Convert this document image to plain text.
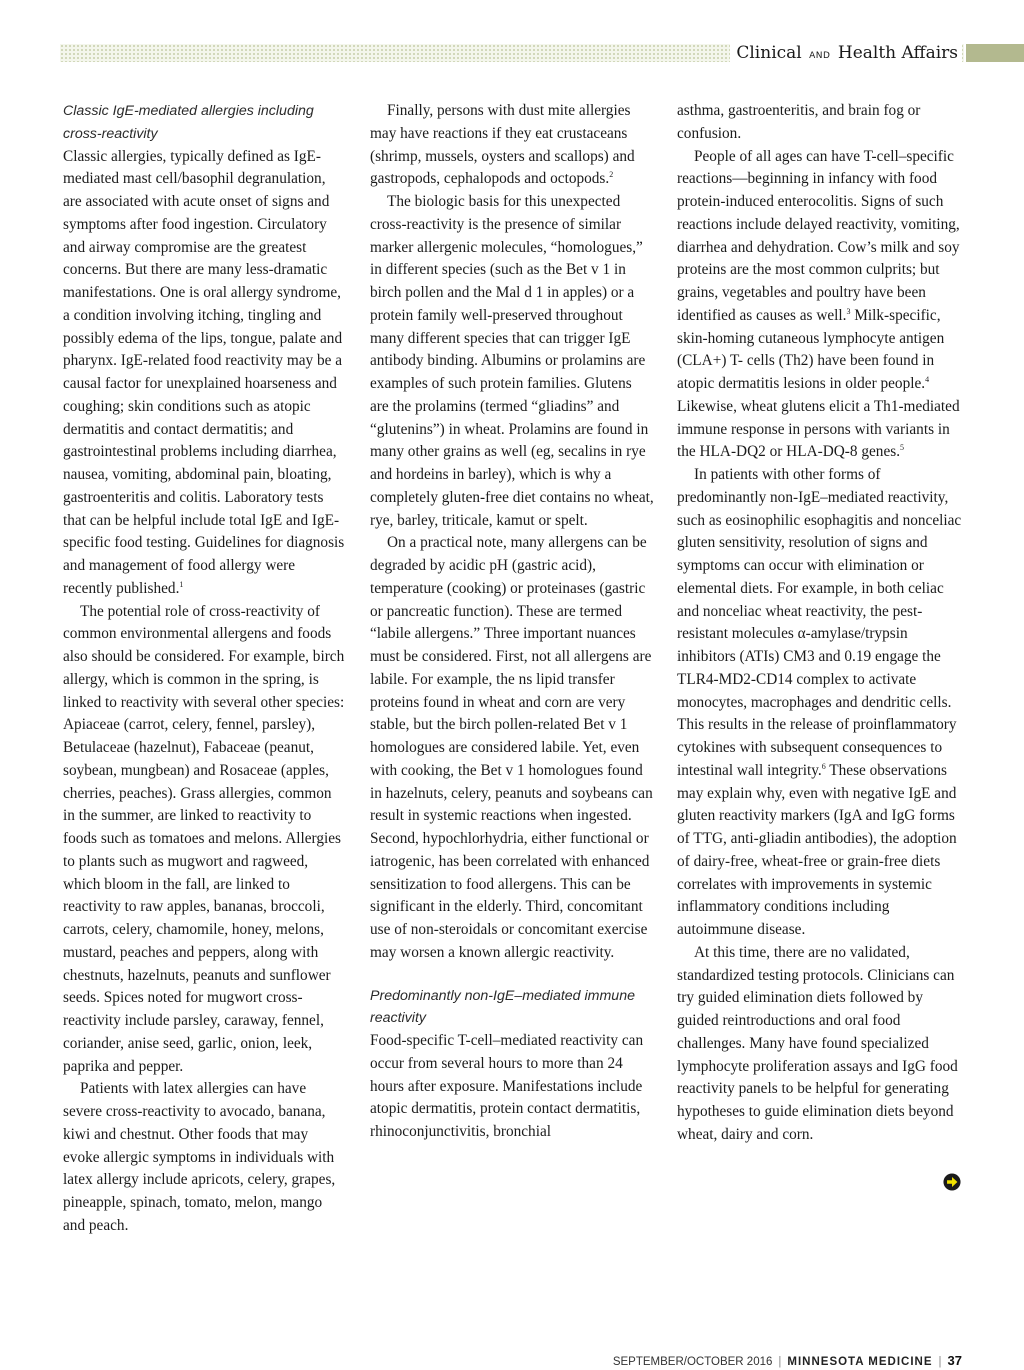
Clinical AND Health Affairs
Classic IgE-mediated allergies including cross-reactivity

Classic allergies, typically defined as IgE-mediated mast cell/basophil degranulation, are associated with acute onset of signs and symptoms after food ingestion. Circulatory and airway compromise are the greatest concerns. But there are many less-dramatic manifestations. One is oral allergy syndrome, a condition involving itching, tingling and possibly edema of the lips, tongue, palate and pharynx. IgE-related food reactivity may be a causal factor for unexplained hoarseness and coughing; skin conditions such as atopic dermatitis and contact dermatitis; and gastrointestinal problems including diarrhea, nausea, vomiting, abdominal pain, bloating, gastroenteritis and colitis. Laboratory tests that can be helpful include total IgE and IgE-specific food testing. Guidelines for diagnosis and management of food allergy were recently published.$^1$

The potential role of cross-reactivity of common environmental allergens and foods also should be considered. For example, birch allergy, which is common in the spring, is linked to reactivity with several other species: Apiaceae (carrot, celery, fennel, parsley), Betulaceae (hazelnut), Fabaceae (peanut, soybean, mungbean) and Rosaceae (apples, cherries, peaches). Grass allergies, common in the summer, are linked to reactivity to foods such as tomatoes and melons. Allergies to plants such as mugwort and ragweed, which bloom in the fall, are linked to reactivity to raw apples, bananas, broccoli, carrots, celery, chamomile, honey, melons, mustard, peaches and peppers, along with chestnuts, hazelnuts, peanuts and sunflower seeds. Spices noted for mugwort cross-reactivity include parsley, caraway, fennel, coriander, anise seed, garlic, onion, leek, paprika and pepper.

Patients with latex allergies can have severe cross-reactivity to avocado, banana, kiwi and chestnut. Other foods that may evoke allergic symptoms in individuals with latex allergy include apricots, celery, grapes, pineapple, spinach, tomato, melon, mango and peach.

Finally, persons with dust mite allergies may have reactions if they eat crustaceans (shrimp, mussels, oysters and scallops) and gastropods, cephalopods and octopods.$^2$

The biologic basis for this unexpected cross-reactivity is the presence of similar marker allergenic molecules, “homologues,” in different species (such as the Bet v 1 in birch pollen and the Mal d 1 in apples) or a protein family well-preserved throughout many different species that can trigger IgE antibody binding. Albumins or prolamins are examples of such protein families. Glutens are the prolamins (termed “gliadins” and “glutenins”) in wheat. Prolamins are found in many other grains as well (eg, secalins in rye and hordeins in barley), which is why a completely gluten-free diet contains no wheat, rye, barley, triticale, kamut or spelt.

On a practical note, many allergens can be degraded by acidic pH (gastric acid), temperature (cooking) or proteinases (gastric or pancreatic function). These are termed “labile allergens.” Three important nuances must be considered. First, not all allergens are labile. For example, the ns lipid transfer proteins found in wheat and corn are very stable, but the birch pollen-related Bet v 1 homologues are considered labile. Yet, even with cooking, the Bet v 1 homologues found in hazelnuts, celery, peanuts and soybeans can result in systemic reactions when ingested. Second, hypochlorhydria, either functional or iatrogenic, has been correlated with enhanced sensitization to food allergens. This can be significant in the elderly. Third, concomitant use of non-steroidals or concomitant exercise may worsen a known allergic reactivity.

Predominantly non-IgE–mediated immune reactivity

Food-specific T-cell–mediated reactivity can occur from several hours to more than 24 hours after exposure. Manifestations include atopic dermatitis, protein contact dermatitis, rhinoconjunctivitis, bronchial

asthma, gastroenteritis, and brain fog or confusion.

People of all ages can have T-cell–specific reactions—beginning in infancy with food protein-induced enterocolitis. Signs of such reactions include delayed reactivity, vomiting, diarrhea and dehydration. Cow’s milk and soy proteins are the most common culprits; but grains, vegetables and poultry have been identified as causes as well.$^3$ Milk-specific, skin-homing cutaneous lymphocyte antigen (CLA+) T- cells (Th2) have been found in atopic dermatitis lesions in older people.$^4$ Likewise, wheat glutens elicit a Th1-mediated immune response in persons with variants in the HLA-DQ2 or HLA-DQ-8 genes.$^5$

In patients with other forms of predominantly non-IgE–mediated reactivity, such as eosinophilic esophagitis and nonceliac gluten sensitivity, resolution of signs and symptoms can occur with elimination or elemental diets. For example, in both celiac and nonceliac wheat reactivity, the pest-resistant molecules α-amylase/trypsin inhibitors (ATIs) CM3 and 0.19 engage the TLR4-MD2-CD14 complex to activate monocytes, macrophages and dendritic cells. This results in the release of proinflammatory cytokines with subsequent consequences to intestinal wall integrity.$^6$ These observations may explain why, even with negative IgE and gluten reactivity markers (IgA and IgG forms of TTG, anti-gliadin antibodies), the adoption of dairy-free, wheat-free or grain-free diets correlates with improvements in systemic inflammatory conditions including autoimmune disease.

At this time, there are no validated, standardized testing protocols. Clinicians can try guided elimination diets followed by guided reintroductions and oral food challenges. Many have found specialized lymphocyte proliferation assays and IgG food reactivity panels to be helpful for generating hypotheses to guide elimination diets beyond wheat, dairy and corn.

SEPTEMBER/OCTOBER 2016 | MINNESOTA MEDICINE | 37
